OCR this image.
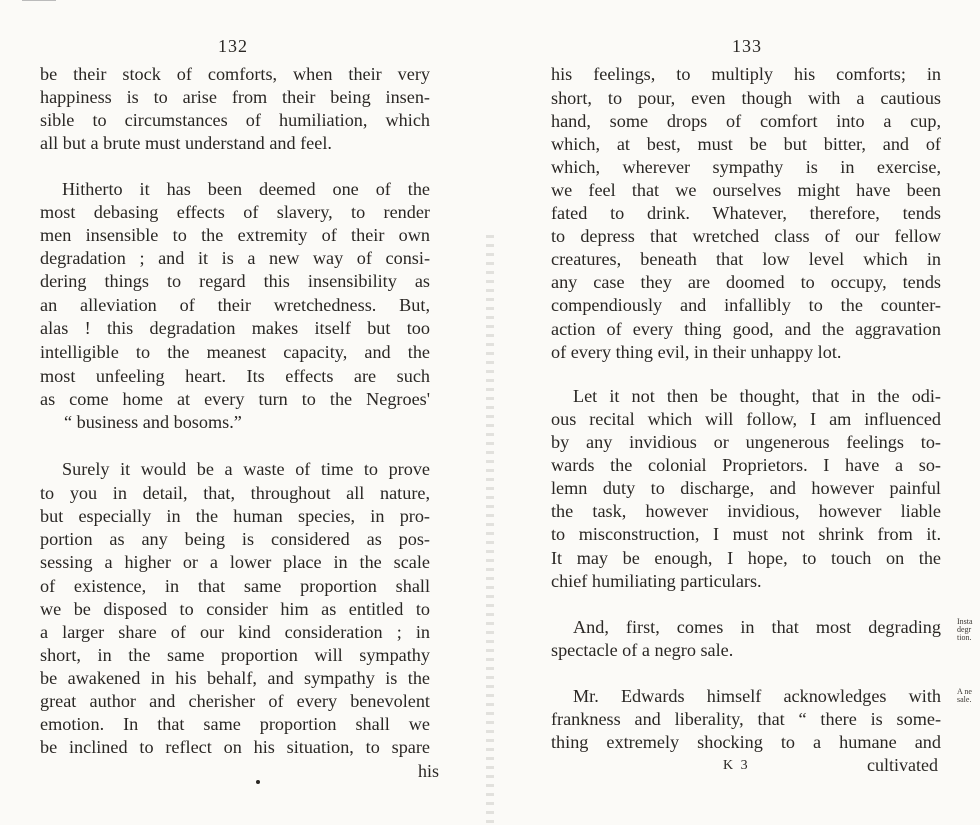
132
be their stock of comforts, when their very
happiness is to arise from their being insen-
sible to circumstances of humiliation, which
all but a brute must understand and feel.
Hitherto it has been deemed one of the
most debasing effects of slavery, to render
men insensible to the extremity of their own
degradation ; and it is a new way of consi-
dering things to regard this insensibility as
an alleviation of their wretchedness. But,
alas ! this degradation makes itself but too
intelligible to the meanest capacity, and the
most unfeeling heart. Its effects are such
as come home at every turn to the Negroes'
“ business and bosoms.”
Surely it would be a waste of time to prove
to you in detail, that, throughout all nature,
but especially in the human species, in pro-
portion as any being is considered as pos-
sessing a higher or a lower place in the scale
of existence, in that same proportion shall
we be disposed to consider him as entitled to
a larger share of our kind consideration ; in
short, in the same proportion will sympathy
be awakened in his behalf, and sympathy is the
great author and cherisher of every benevolent
emotion. In that same proportion shall we
be inclined to reflect on his situation, to spare
his
133
his feelings, to multiply his comforts; in
short, to pour, even though with a cautious
hand, some drops of comfort into a cup,
which, at best, must be but bitter, and of
which, wherever sympathy is in exercise,
we feel that we ourselves might have been
fated to drink. Whatever, therefore, tends
to depress that wretched class of our fellow
creatures, beneath that low level which in
any case they are doomed to occupy, tends
compendiously and infallibly to the counter-
action of every thing good, and the aggravation
of every thing evil, in their unhappy lot.
Let it not then be thought, that in the odi-
ous recital which will follow, I am influenced
by any invidious or ungenerous feelings to-
wards the colonial Proprietors. I have a so-
lemn duty to discharge, and however painful
the task, however invidious, however liable
to misconstruction, I must not shrink from it.
It may be enough, I hope, to touch on the
chief humiliating particulars.
And, first, comes in that most degrading
spectacle of a negro sale.
Mr. Edwards himself acknowledges with
frankness and liberality, that “ there is some-
thing extremely shocking to a humane and
K 3	cultivated
Insta
degr
tion.
A ne
sale.
